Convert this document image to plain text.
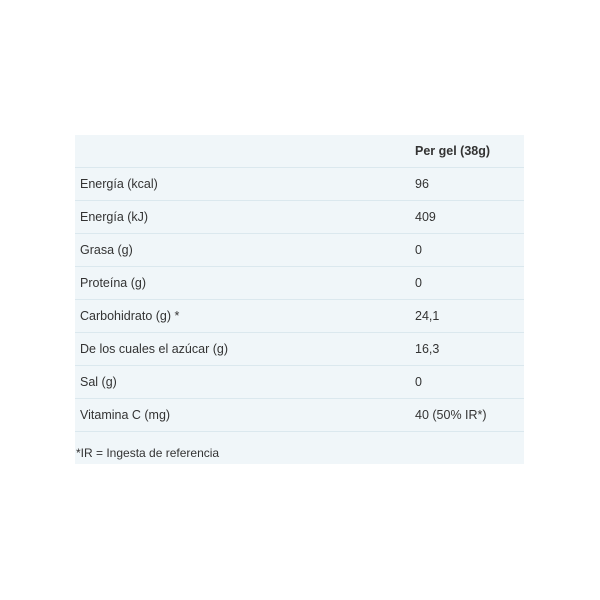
	Per gel (38g)
Energía (kcal)	96
Energía (kJ)	409
Grasa (g)	0
Proteína (g)	0
Carbohidrato (g) *	24,1
De los cuales el azúcar (g)	16,3
Sal (g)	0
Vitamina C (mg)	40 (50% IR*)
*IR = Ingesta de referencia
